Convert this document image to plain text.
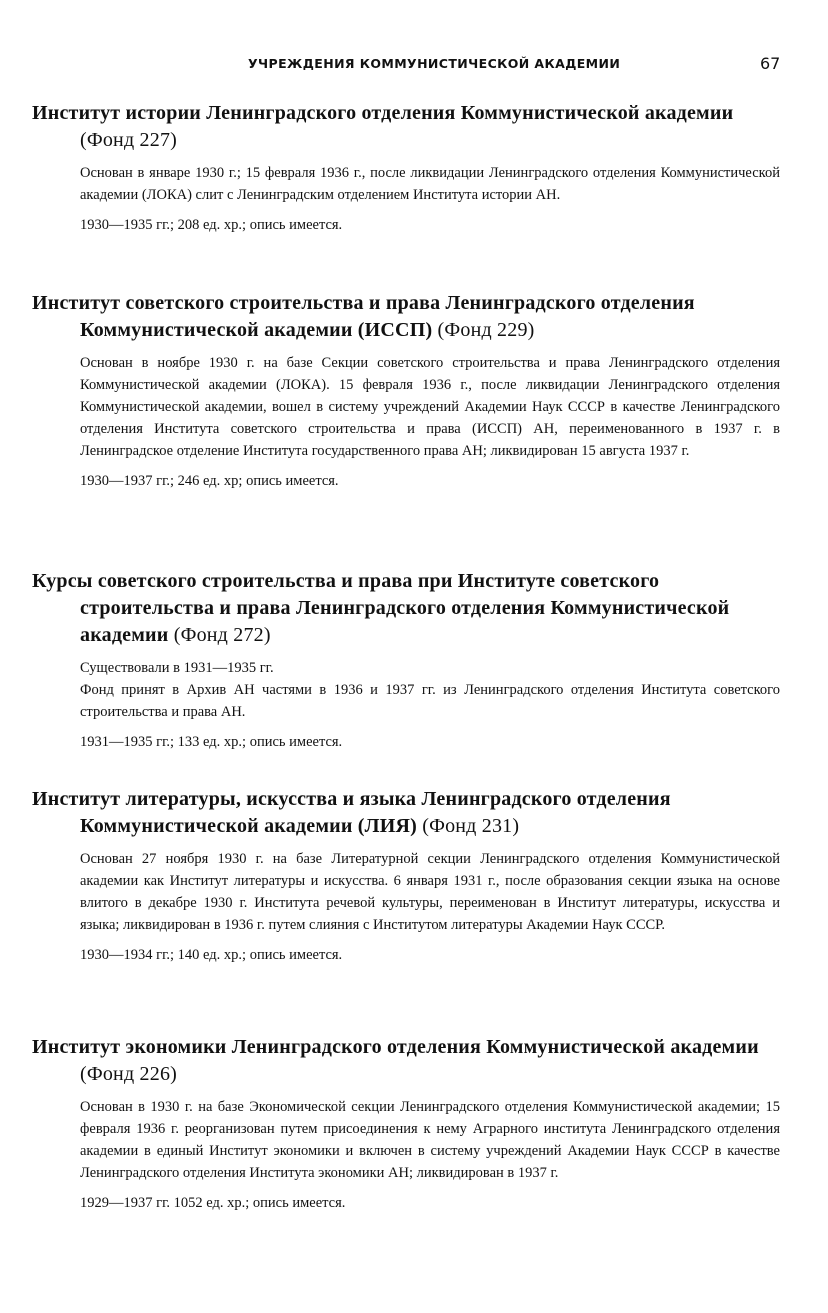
УЧРЕЖДЕНИЯ КОММУНИСТИЧЕСКОЙ АКАДЕМИИ	67

Институт истории Ленинградского отделения Коммунистической академии (Фонд 227)

Основан в январе 1930 г.; 15 февраля 1936 г., после ликвидации Ленинградского отделения Коммунистической академии (ЛОКА) слит с Ленинградским отделением Института истории АН.

1930—1935 гг.; 208 ед. хр.; опись имеется.

Институт советского строительства и права Ленинградского отделения Коммунистической академии (ИССП) (Фонд 229)

Основан в ноябре 1930 г. на базе Секции советского строительства и права Ленинградского отделения Коммунистической академии (ЛОКА). 15 февраля 1936 г., после ликвидации Ленинградского отделения Коммунистической академии, вошел в систему учреждений Академии Наук СССР в качестве Ленинградского отделения Института советского строительства и права (ИССП) АН, переименованного в 1937 г. в Ленинградское отделение Института государственного права АН; ликвидирован 15 августа 1937 г.

1930—1937 гг.; 246 ед. хр; опись имеется.

Курсы советского строительства и права при Институте советского строительства и права Ленинградского отделения Коммунистической академии (Фонд 272)

Существовали в 1931—1935 гг.

Фонд принят в Архив АН частями в 1936 и 1937 гг. из Ленинградского отделения Института советского строительства и права АН.

1931—1935 гг.; 133 ед. хр.; опись имеется.

Институт литературы, искусства и языка Ленинградского отделения Коммунистической академии (ЛИЯ) (Фонд 231)

Основан 27 ноября 1930 г. на базе Литературной секции Ленинградского отделения Коммунистической академии как Институт литературы и искусства. 6 января 1931 г., после образования секции языка на основе влитого в декабре 1930 г. Института речевой культуры, переименован в Институт литературы, искусства и языка; ликвидирован в 1936 г. путем слияния с Институтом литературы Академии Наук СССР.

1930—1934 гг.; 140 ед. хр.; опись имеется.

Институт экономики Ленинградского отделения Коммунистической академии (Фонд 226)

Основан в 1930 г. на базе Экономической секции Ленинградского отделения Коммунистической академии; 15 февраля 1936 г. реорганизован путем присоединения к нему Аграрного института Ленинградского отделения академии в единый Институт экономики и включен в систему учреждений Академии Наук СССР в качестве Ленинградского отделения Института экономики АН; ликвидирован в 1937 г.

1929—1937 гг. 1052 ед. хр.; опись имеется.
